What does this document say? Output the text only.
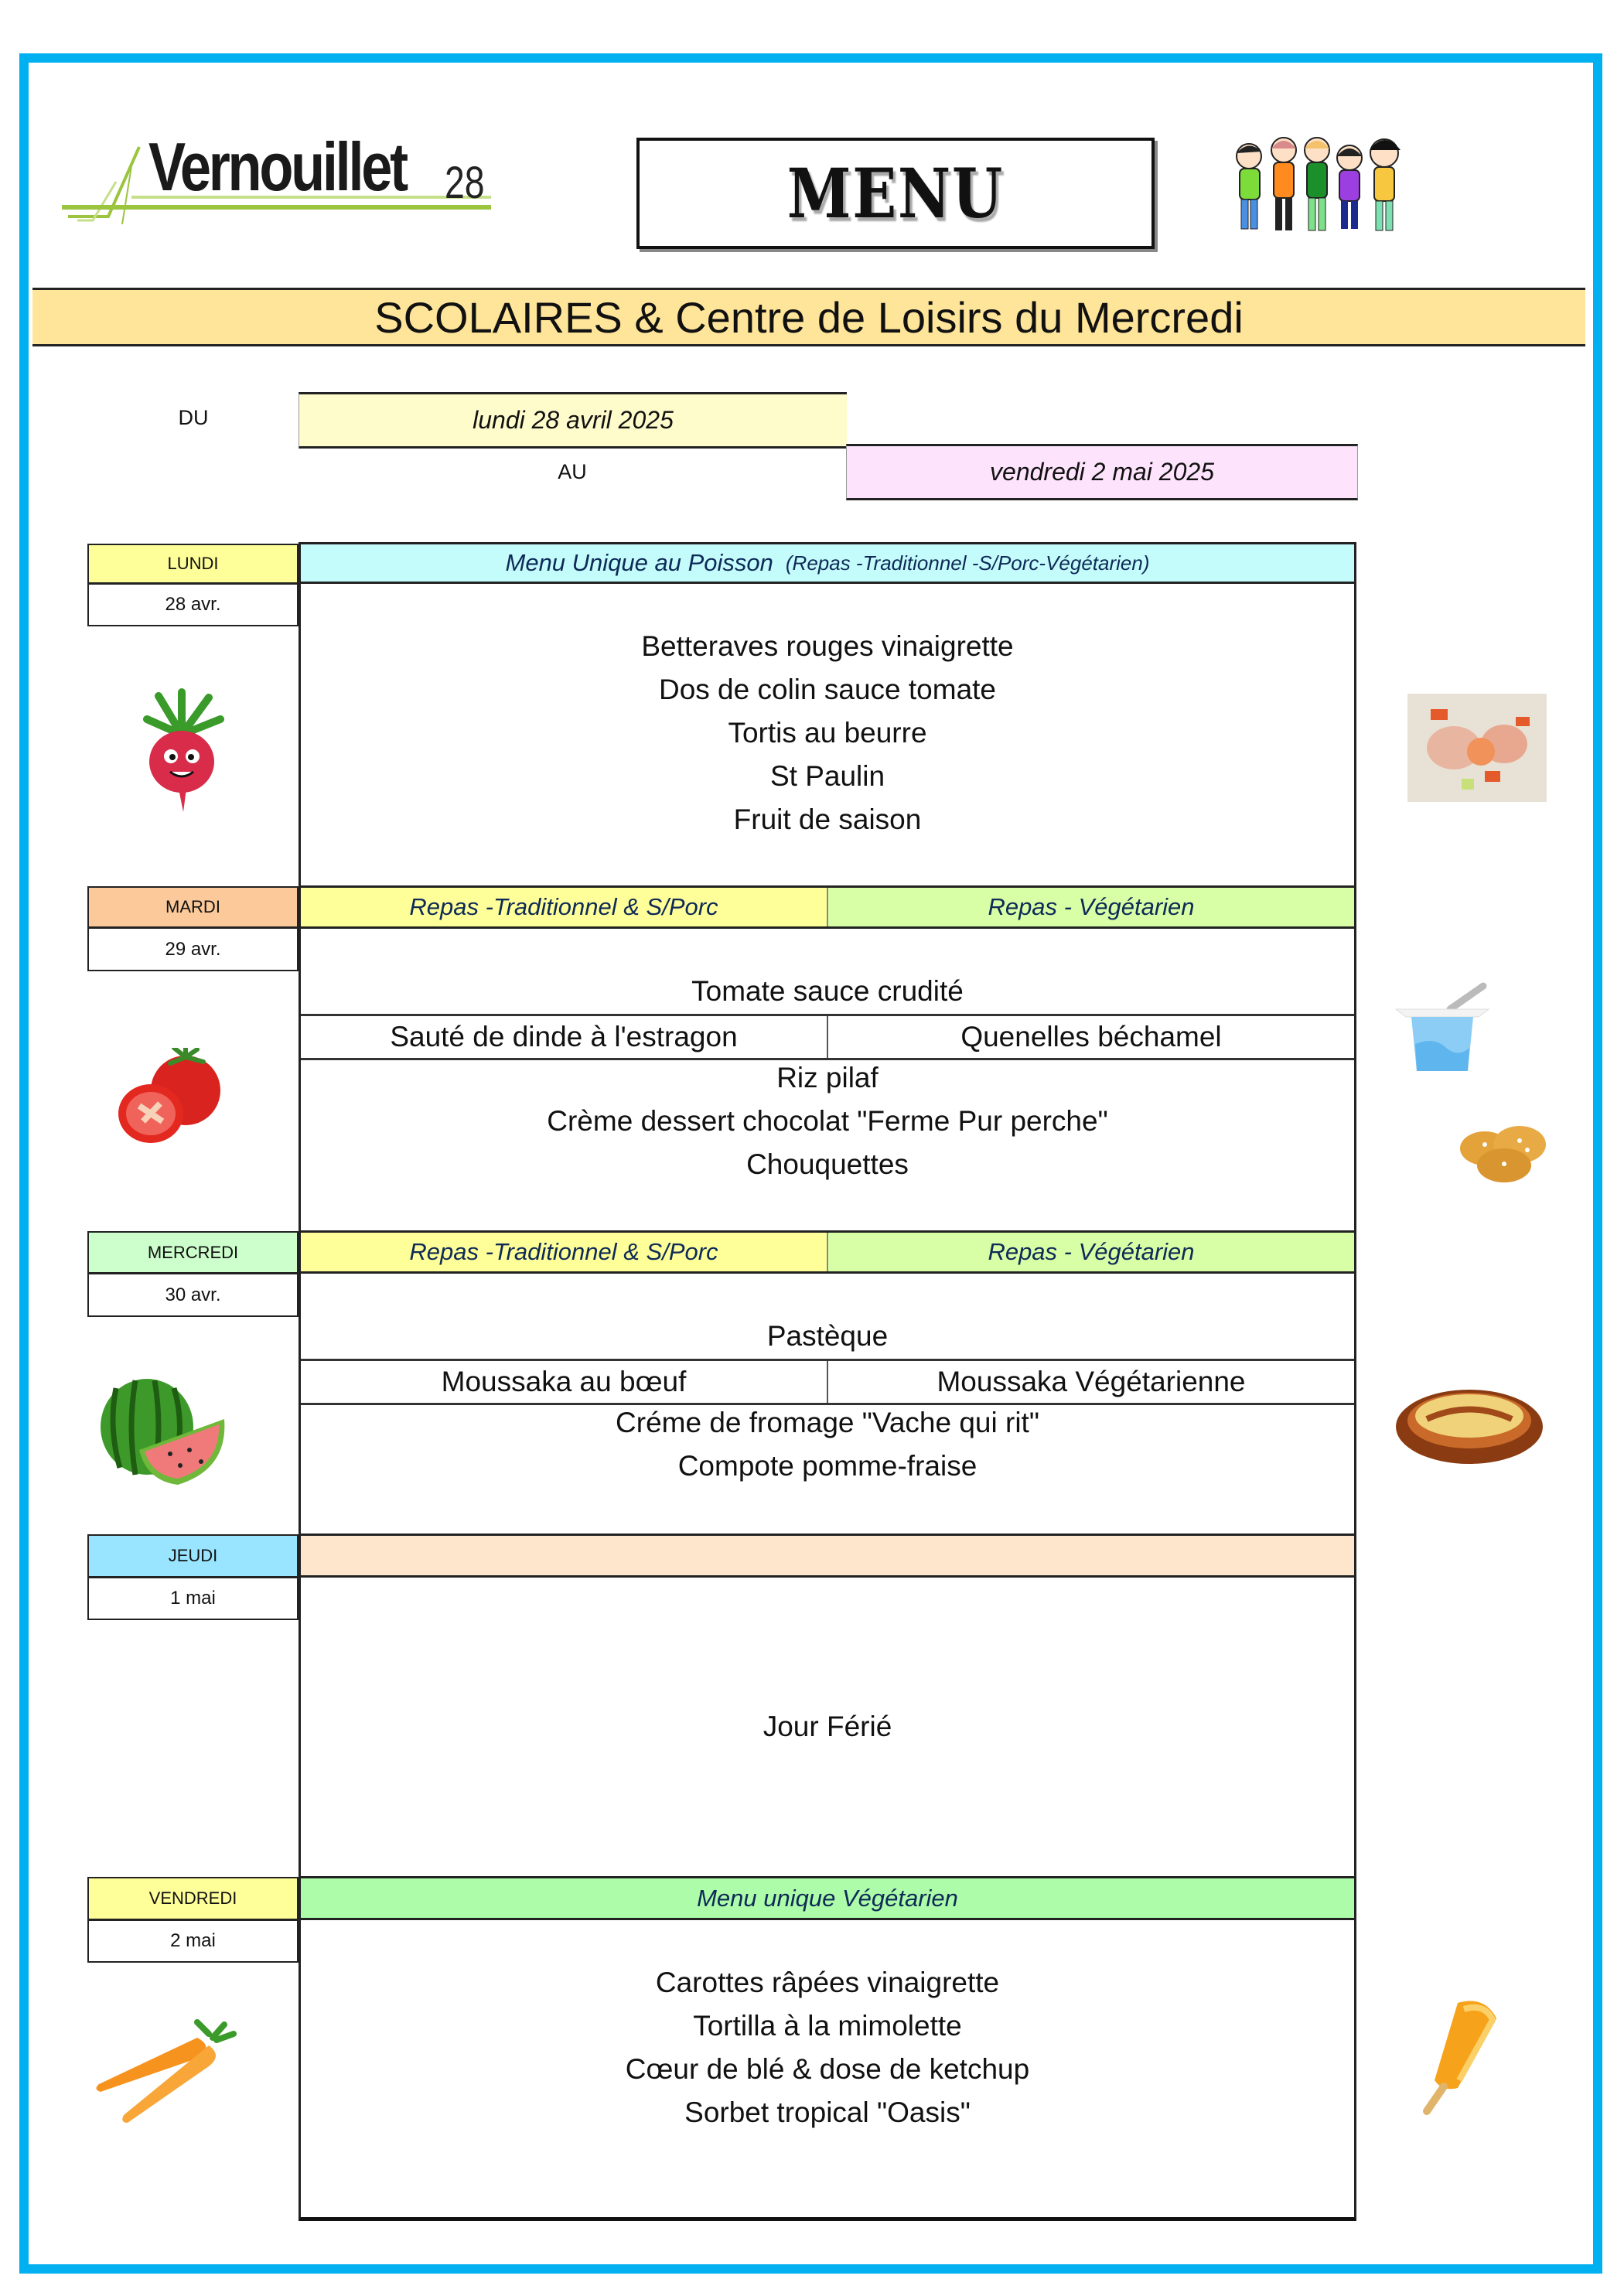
Vernouillet 28	MENU
SCOLAIRES & Centre de Loisirs du Mercredi
DU	lundi 28 avril 2025
AU	vendredi 2 mai 2025
LUNDI
28 avr.
Menu Unique au Poisson (Repas -Traditionnel -S/Porc-Végétarien)
Betteraves rouges vinaigrette
Dos de colin sauce tomate
Tortis au beurre
St Paulin
Fruit de saison
MARDI
29 avr.
Repas -Traditionnel & S/Porc	Repas - Végétarien
Tomate sauce crudité
Sauté de dinde à l'estragon	Quenelles béchamel
Riz pilaf
Crème dessert chocolat "Ferme Pur perche"
Chouquettes
MERCREDI
30 avr.
Repas -Traditionnel & S/Porc	Repas - Végétarien
Pastèque
Moussaka au bœuf	Moussaka Végétarienne
Créme de fromage "Vache qui rit"
Compote pomme-fraise
JEUDI
1 mai
Jour Férié
VENDREDI
2 mai
Menu unique Végétarien
Carottes râpées vinaigrette
Tortilla à la mimolette
Cœur de blé & dose de ketchup
Sorbet tropical "Oasis"
